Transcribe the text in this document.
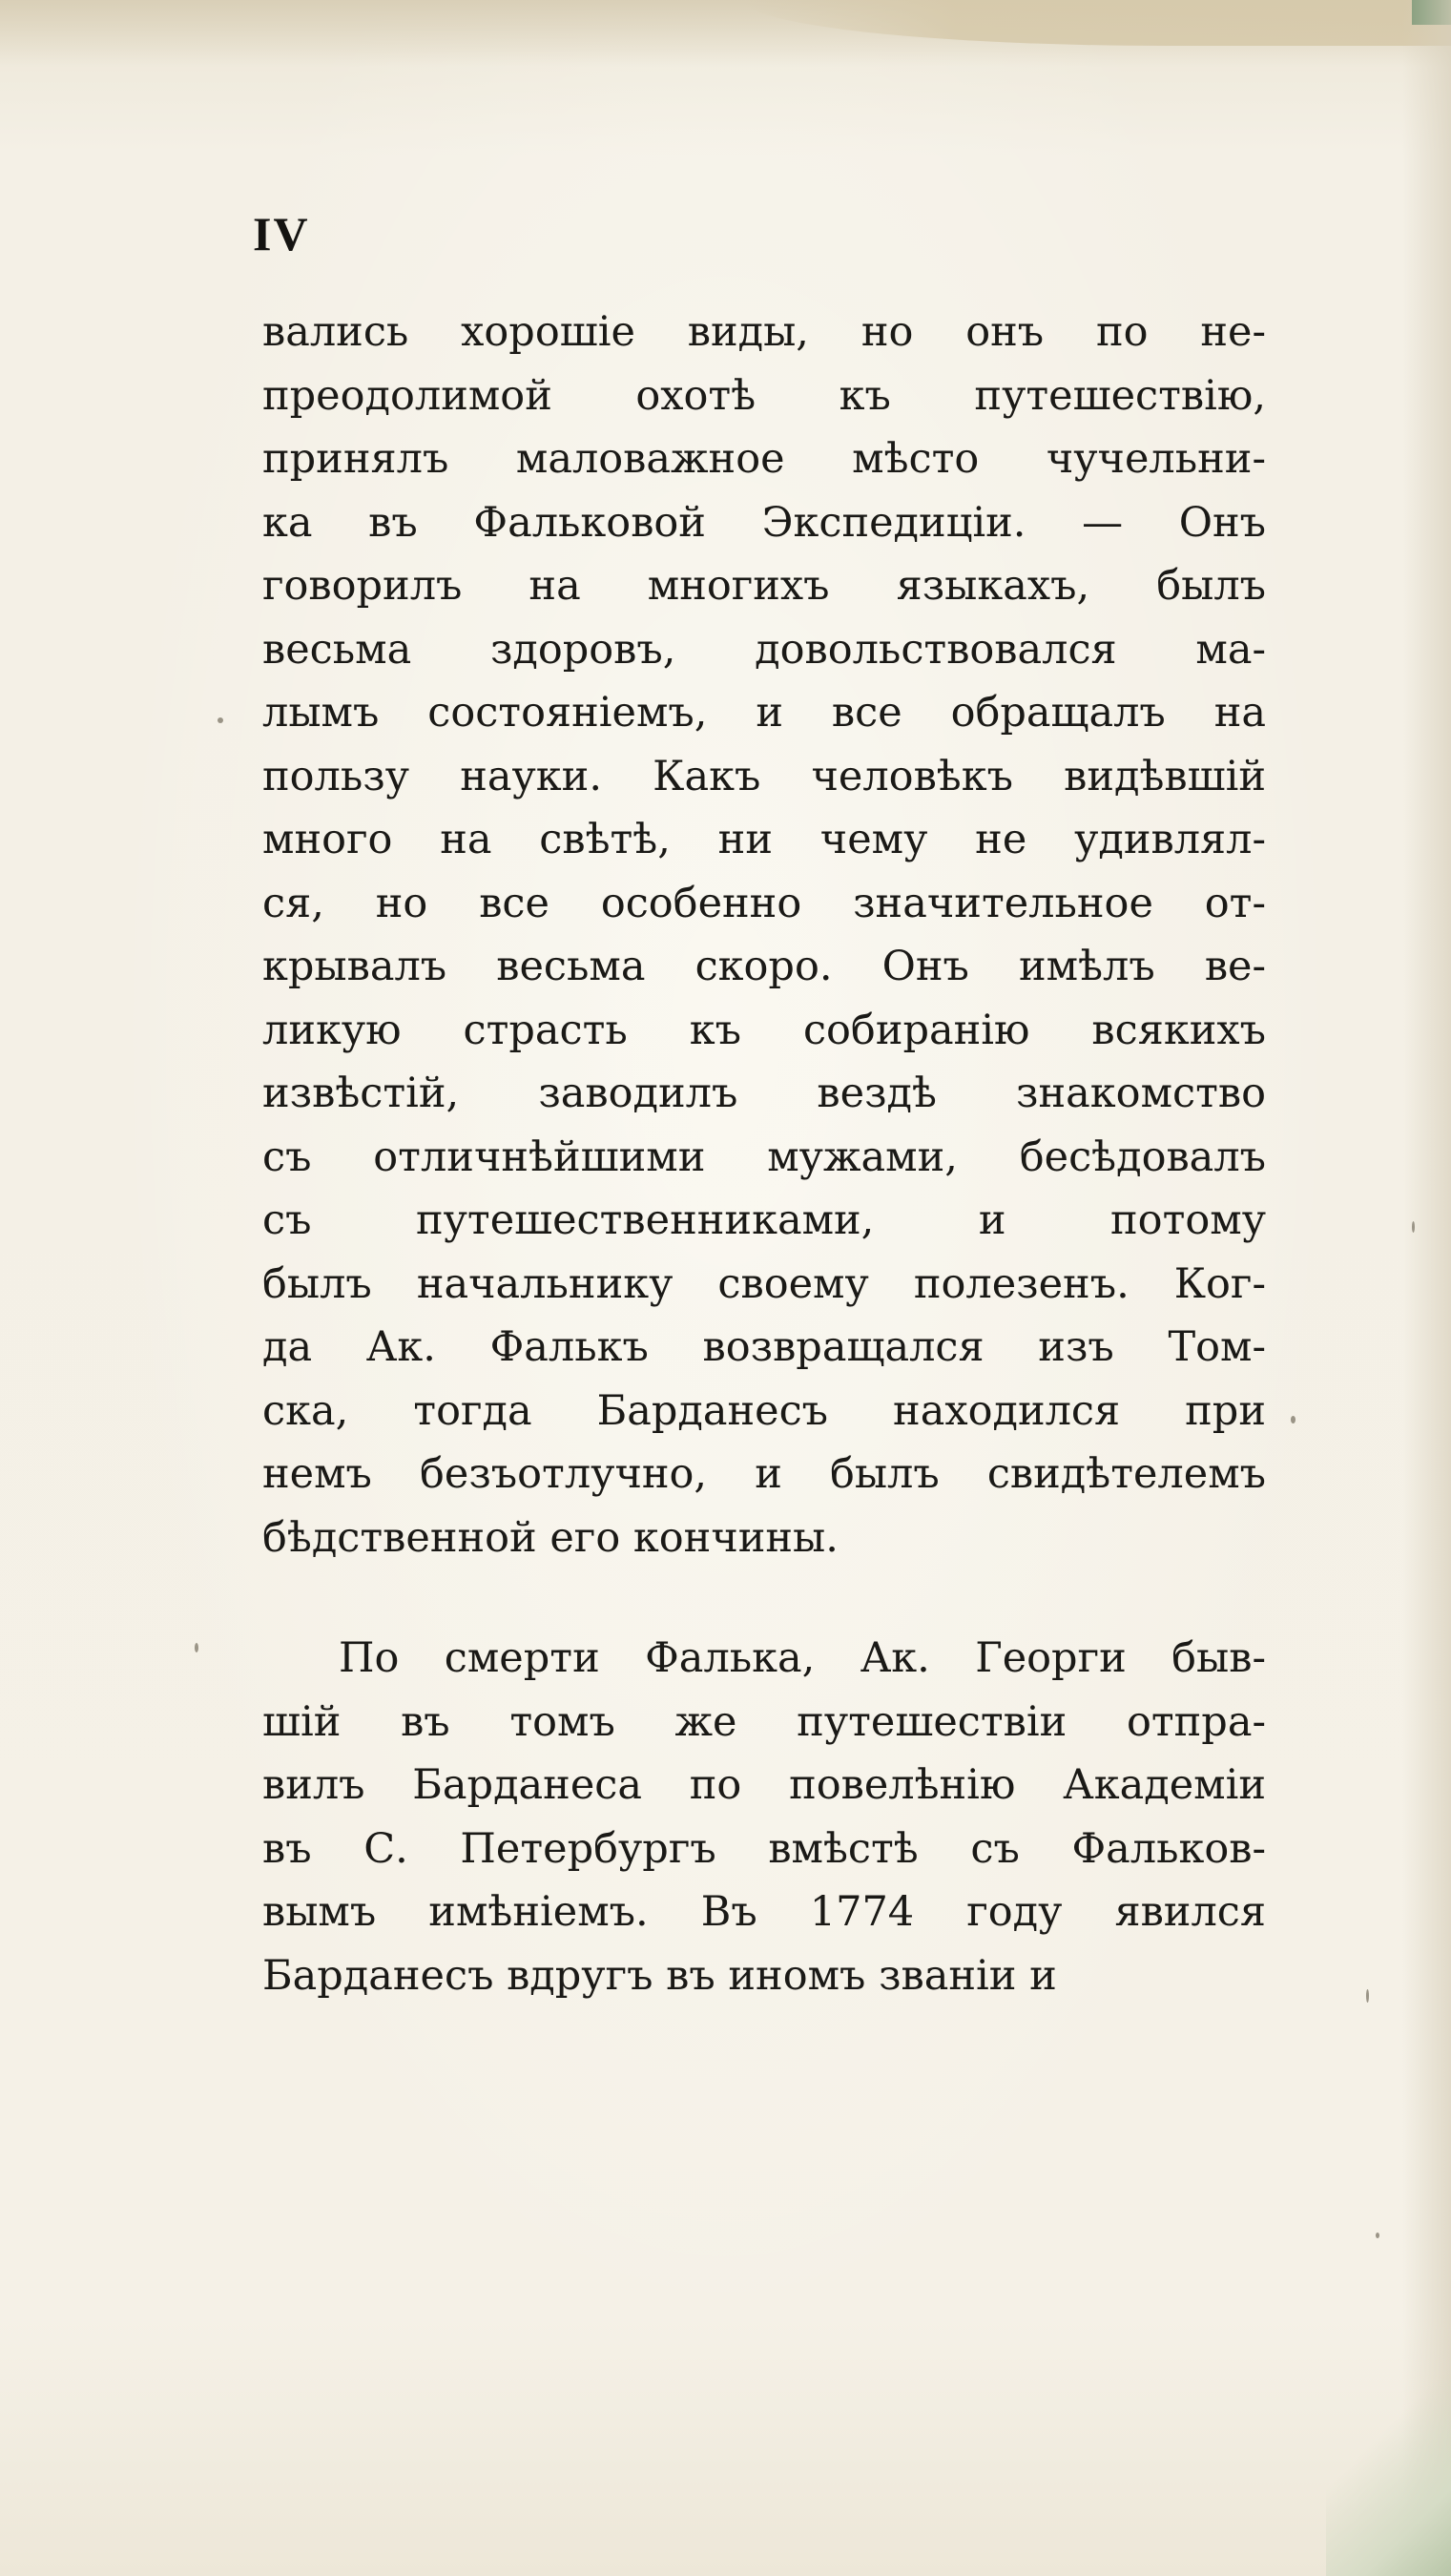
IV
вались хорошіе виды, но онъ по не-
преодолимой охотѣ къ путешествію,
принялъ маловажное мѣсто чучельни-
ка въ Фальковой Экспедиціи. — Онъ
говорилъ на многихъ языкахъ, былъ
весьма здоровъ, довольствовался ма-
лымъ состояніемъ, и все обращалъ на
пользу науки. Какъ человѣкъ видѣвшій
много на свѣтѣ, ни чему не удивлял-
ся, но все особенно значительное от-
крывалъ весьма скоро. Онъ имѣлъ ве-
ликую страсть къ собиранію всякихъ
извѣстій, заводилъ вездѣ знакомство
съ отличнѣйшими мужами, бесѣдовалъ
съ путешественниками, и потому
былъ начальнику своему полезенъ. Ког-
да Ак. Фалькъ возвращался изъ Том-
ска, тогда Барданесъ находился при
немъ безъотлучно, и былъ свидѣтелемъ
бѣдственной его кончины.
По смерти Фалька, Ак. Георги быв-
шій въ томъ же путешествіи отпра-
вилъ Барданеса по повелѣнію Академіи
въ С. Петербургъ вмѣстѣ съ Фальков-
вымъ имѣніемъ. Въ 1774 году явился
Барданесъ вдругъ въ иномъ званіи и
